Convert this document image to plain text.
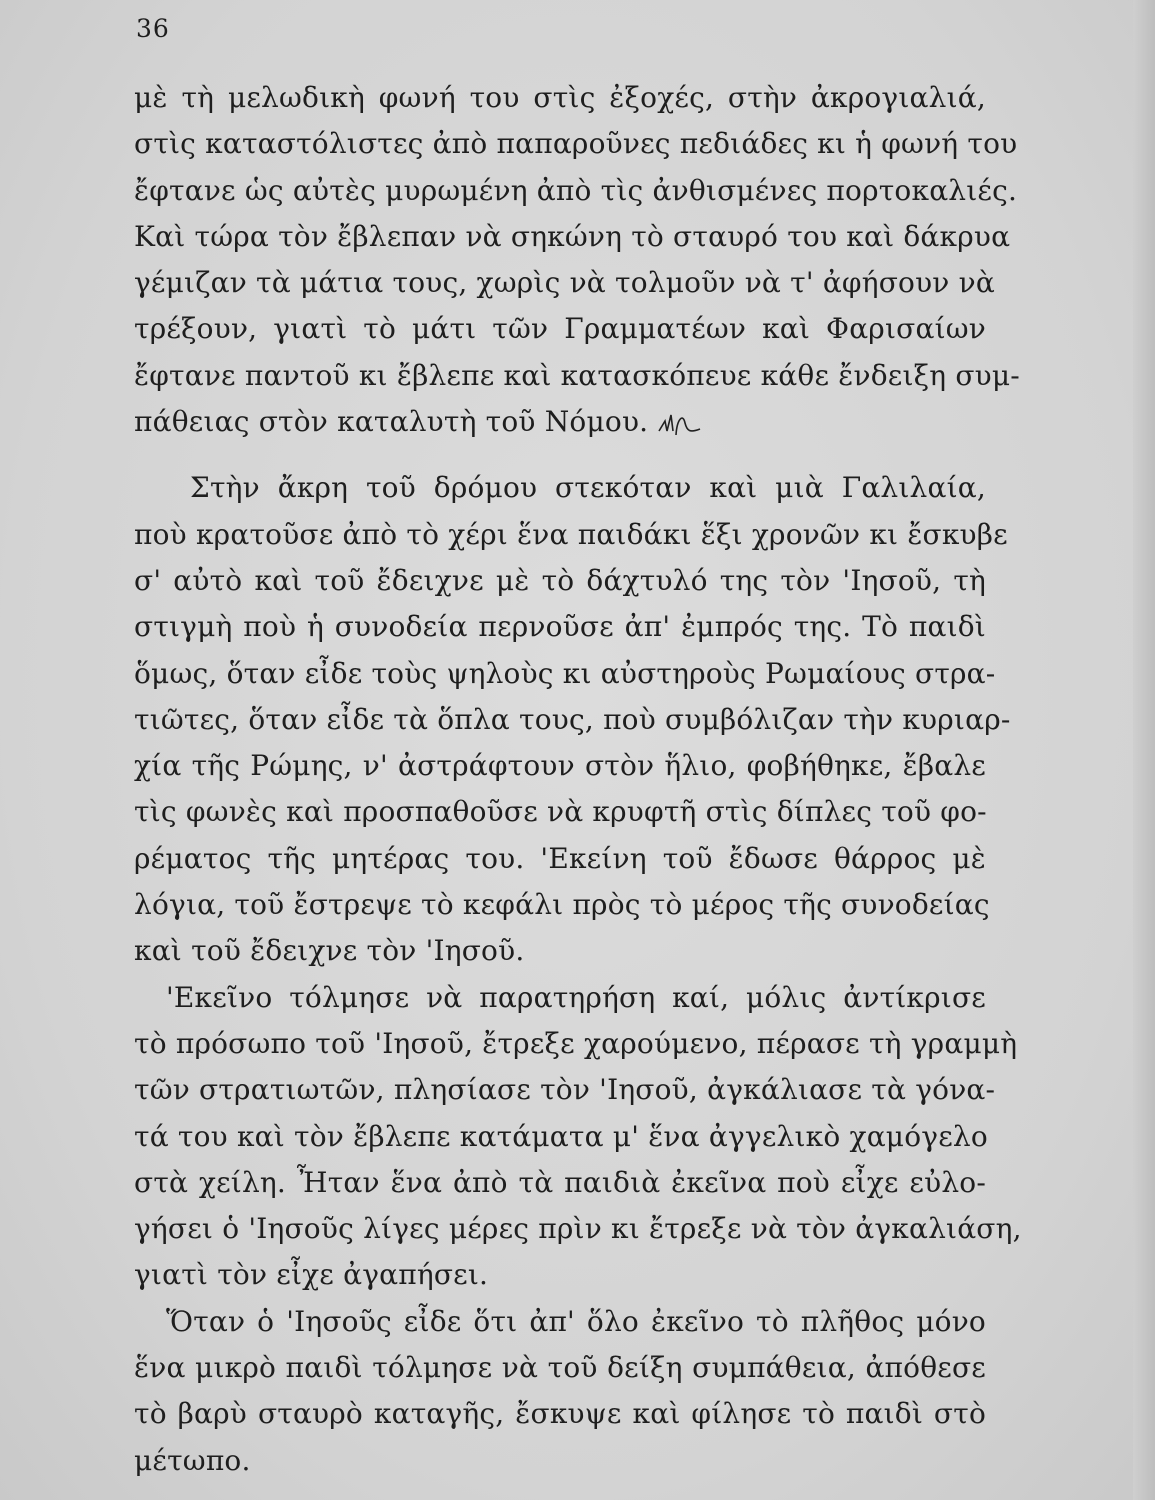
36
μὲ τὴ μελωδικὴ φωνή του στὶς ἐξοχές, στὴν ἀκρογιαλιά,
στὶς καταστόλιστες ἀπὸ παπαροῦνες πεδιάδες κι ἡ φωνή του
ἔφτανε ὡς αὐτὲς μυρωμένη ἀπὸ τὶς ἀνθισμένες πορτοκαλιές.
Καὶ τώρα τὸν ἔβλεπαν νὰ σηκώνη τὸ σταυρό του καὶ δάκρυα
γέμιζαν τὰ μάτια τους, χωρὶς νὰ τολμοῦν νὰ τ' ἀφήσουν νὰ
τρέξουν, γιατὶ τὸ μάτι τῶν Γραμματέων καὶ Φαρισαίων
ἔφτανε παντοῦ κι ἔβλεπε καὶ κατασκόπευε κάθε ἔνδειξη συμ-
πάθειας στὸν καταλυτὴ τοῦ Νόμου.
Στὴν ἄκρη τοῦ δρόμου στεκόταν καὶ μιὰ Γαλιλαία,
ποὺ κρατοῦσε ἀπὸ τὸ χέρι ἕνα παιδάκι ἕξι χρονῶν κι ἔσκυβε
σ' αὐτὸ καὶ τοῦ ἔδειχνε μὲ τὸ δάχτυλό της τὸν 'Ιησοῦ, τὴ
στιγμὴ ποὺ ἡ συνοδεία περνοῦσε ἀπ' ἐμπρός της. Τὸ παιδὶ
ὅμως, ὅταν εἶδε τοὺς ψηλοὺς κι αὐστηροὺς Ρωμαίους στρα-
τιῶτες, ὅταν εἶδε τὰ ὅπλα τους, ποὺ συμβόλιζαν τὴν κυριαρ-
χία τῆς Ρώμης, ν' ἀστράφτουν στὸν ἥλιο, φοβήθηκε, ἔβαλε
τὶς φωνὲς καὶ προσπαθοῦσε νὰ κρυφτῆ στὶς δίπλες τοῦ φο-
ρέματος τῆς μητέρας του. 'Εκείνη τοῦ ἔδωσε θάρρος μὲ
λόγια, τοῦ ἔστρεψε τὸ κεφάλι πρὸς τὸ μέρος τῆς συνοδείας
καὶ τοῦ ἔδειχνε τὸν 'Ιησοῦ.
'Εκεῖνο τόλμησε νὰ παρατηρήση καί, μόλις ἀντίκρισε
τὸ πρόσωπο τοῦ 'Ιησοῦ, ἔτρεξε χαρούμενο, πέρασε τὴ γραμμὴ
τῶν στρατιωτῶν, πλησίασε τὸν 'Ιησοῦ, ἀγκάλιασε τὰ γόνα-
τά του καὶ τὸν ἔβλεπε κατάματα μ' ἕνα ἀγγελικὸ χαμόγελο
στὰ χείλη. Ἦταν ἕνα ἀπὸ τὰ παιδιὰ ἐκεῖνα ποὺ εἶχε εὐλο-
γήσει ὁ 'Ιησοῦς λίγες μέρες πρὶν κι ἔτρεξε νὰ τὸν ἀγκαλιάση,
γιατὶ τὸν εἶχε ἀγαπήσει.
Ὅταν ὁ 'Ιησοῦς εἶδε ὅτι ἀπ' ὅλο ἐκεῖνο τὸ πλῆθος μόνο
ἕνα μικρὸ παιδὶ τόλμησε νὰ τοῦ δείξη συμπάθεια, ἀπόθεσε
τὸ βαρὺ σταυρὸ καταγῆς, ἔσκυψε καὶ φίλησε τὸ παιδὶ στὸ
μέτωπο.
